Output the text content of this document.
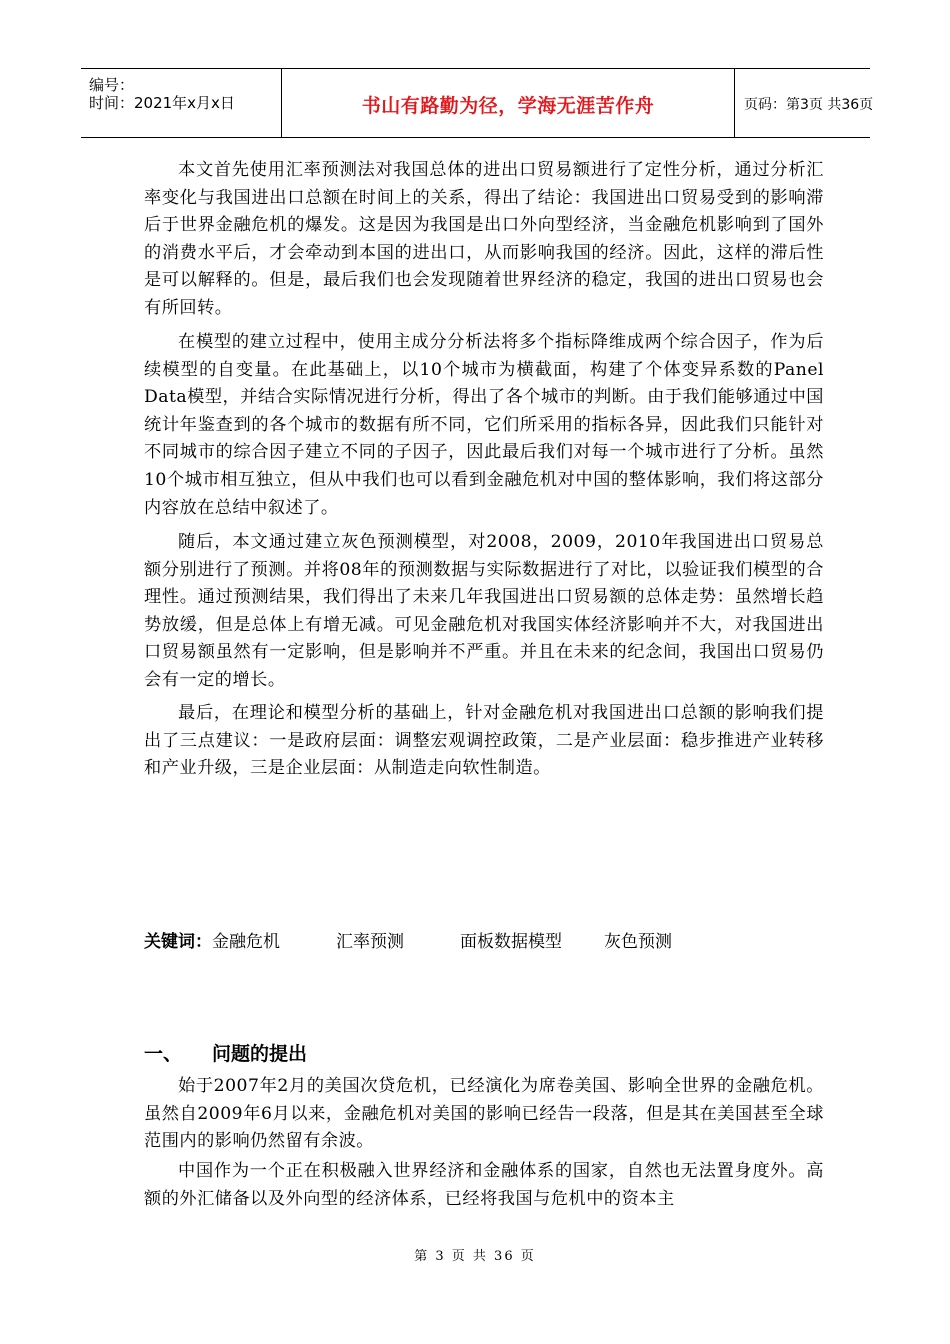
编号：
时间：2021年x月x日	书山有路勤为径，学海无涯苦作舟	页码：第3页 共36页

本文首先使用汇率预测法对我国总体的进出口贸易额进行了定性分析，通过分析汇率变化与我国进出口总额在时间上的关系，得出了结论：我国进出口贸易受到的影响滞后于世界金融危机的爆发。这是因为我国是出口外向型经济，当金融危机影响到了国外的消费水平后，才会牵动到本国的进出口，从而影响我国的经济。因此，这样的滞后性是可以解释的。但是，最后我们也会发现随着世界经济的稳定，我国的进出口贸易也会有所回转。

在模型的建立过程中，使用主成分分析法将多个指标降维成两个综合因子，作为后续模型的自变量。在此基础上，以10个城市为横截面，构建了个体变异系数的Panel Data模型，并结合实际情况进行分析，得出了各个城市的判断。由于我们能够通过中国统计年鉴查到的各个城市的数据有所不同，它们所采用的指标各异，因此我们只能针对不同城市的综合因子建立不同的子因子，因此最后我们对每一个城市进行了分析。虽然10个城市相互独立，但从中我们也可以看到金融危机对中国的整体影响，我们将这部分内容放在总结中叙述了。

随后，本文通过建立灰色预测模型，对2008，2009，2010年我国进出口贸易总额分别进行了预测。并将08年的预测数据与实际数据进行了对比，以验证我们模型的合理性。通过预测结果，我们得出了未来几年我国进出口贸易额的总体走势：虽然增长趋势放缓，但是总体上有增无减。可见金融危机对我国实体经济影响并不大，对我国进出口贸易额虽然有一定影响，但是影响并不严重。并且在未来的纪念间，我国出口贸易仍会有一定的增长。

最后，在理论和模型分析的基础上，针对金融危机对我国进出口总额的影响我们提出了三点建议：一是政府层面：调整宏观调控政策，二是产业层面：稳步推进产业转移和产业升级，三是企业层面：从制造走向软性制造。

关键词：金融危机	汇率预测	面板数据模型 灰色预测
一、 问题的提出

始于2007年2月的美国次贷危机，已经演化为席卷美国、影响全世界的金融危机。虽然自2009年6月以来，金融危机对美国的影响已经告一段落，但是其在美国甚至全球范围内的影响仍然留有余波。

中国作为一个正在积极融入世界经济和金融体系的国家，自然也无法置身度外。高额的外汇储备以及外向型的经济体系，已经将我国与危机中的资本主

第 3 页 共 36 页
